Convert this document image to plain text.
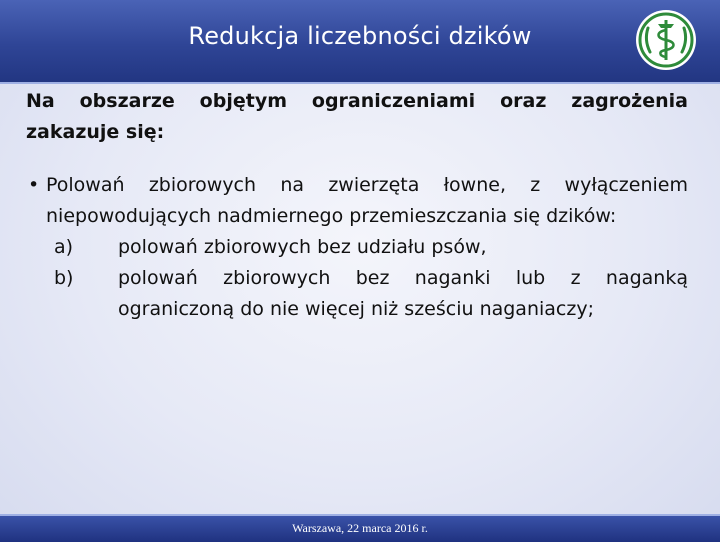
Redukcja liczebności dzików

Na obszarze objętym ograniczeniami oraz zagrożenia zakazuje się:

• Polowań zbiorowych na zwierzęta łowne, z wyłączeniem niepowodujących nadmiernego przemieszczania się dzików:

a) polowań zbiorowych bez udziału psów,

b) polowań zbiorowych bez naganki lub z naganką ograniczoną do nie więcej niż sześciu naganiaczy;

Warszawa, 22 marca 2016 r.
